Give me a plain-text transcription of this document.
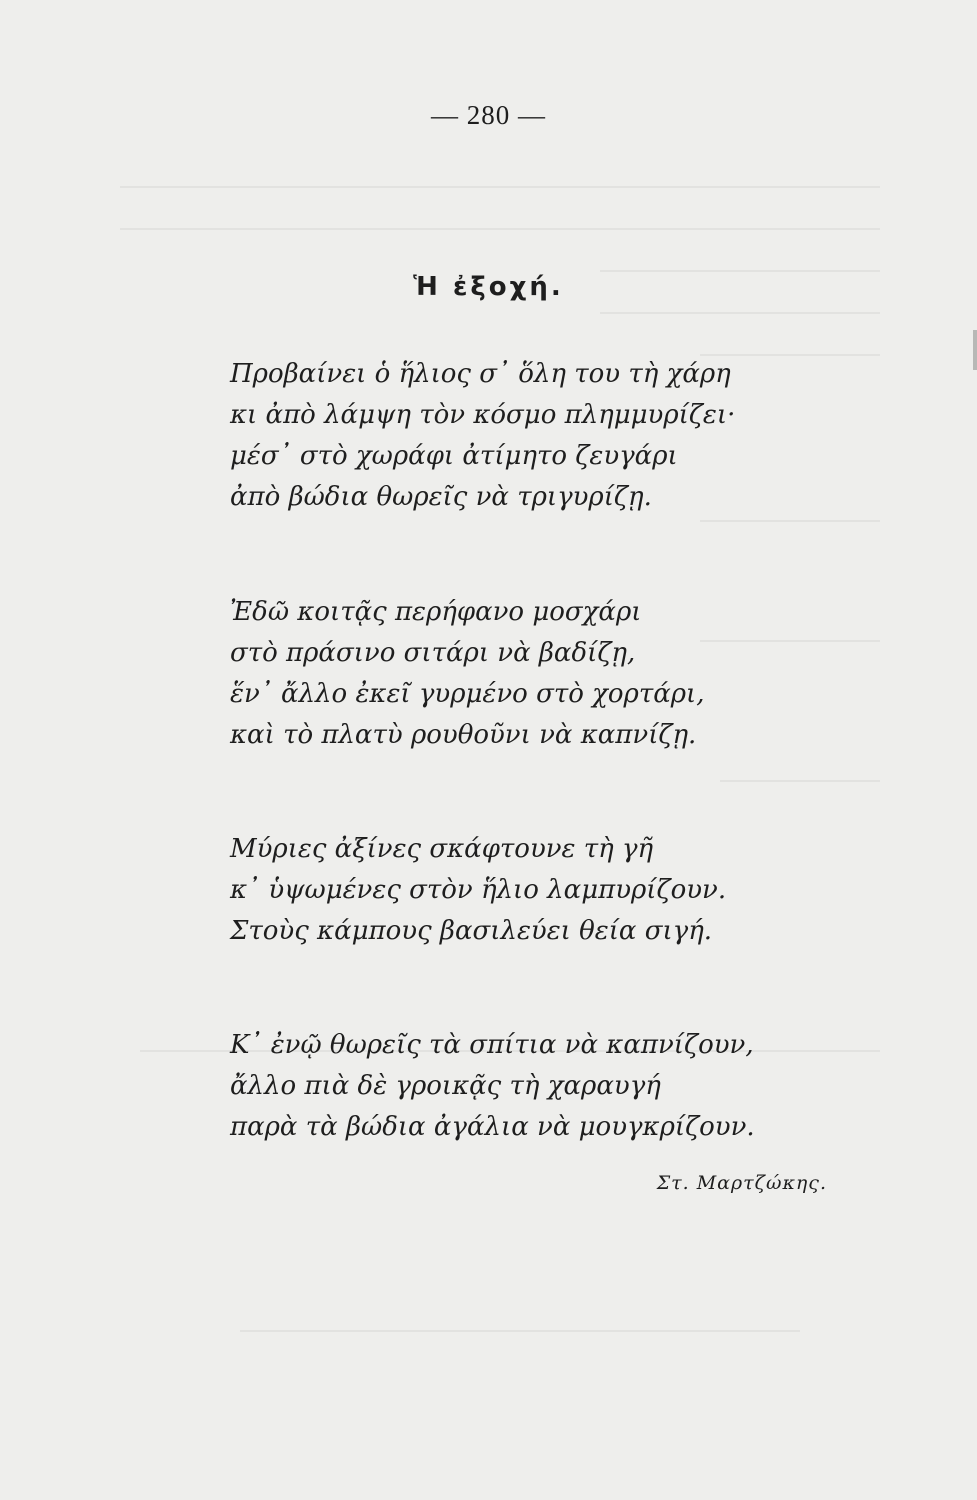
— 280 —
Ἡ ἐξοχή.
Προβαίνει ὁ ἥλιος σ᾽ ὅλη του τὴ χάρη
κι ἀπὸ λάμψη τὸν κόσμο πλημμυρίζει·
μέσ᾽ στὸ χωράφι ἀτίμητο ζευγάρι
ἀπὸ βώδια θωρεῖς νὰ τριγυρίζῃ.
Ἐδῶ κοιτᾷς περήφανο μοσχάρι
στὸ πράσινο σιτάρι νὰ βαδίζῃ,
ἕν᾽ ἄλλο ἐκεῖ γυρμένο στὸ χορτάρι,
καὶ τὸ πλατὺ ρουθοῦνι νὰ καπνίζῃ.
Μύριες ἀξίνες σκάφτουνε τὴ γῆ
κ᾽ ὑψωμένες στὸν ἥλιο λαμπυρίζουν.
Στοὺς κάμπους βασιλεύει θεία σιγή.
Κ᾽ ἐνῷ θωρεῖς τὰ σπίτια νὰ καπνίζουν,
ἄλλο πιὰ δὲ γροικᾷς τὴ χαραυγή
παρὰ τὰ βώδια ἀγάλια νὰ μουγκρίζουν.
Στ. Μαρτζώκης.
